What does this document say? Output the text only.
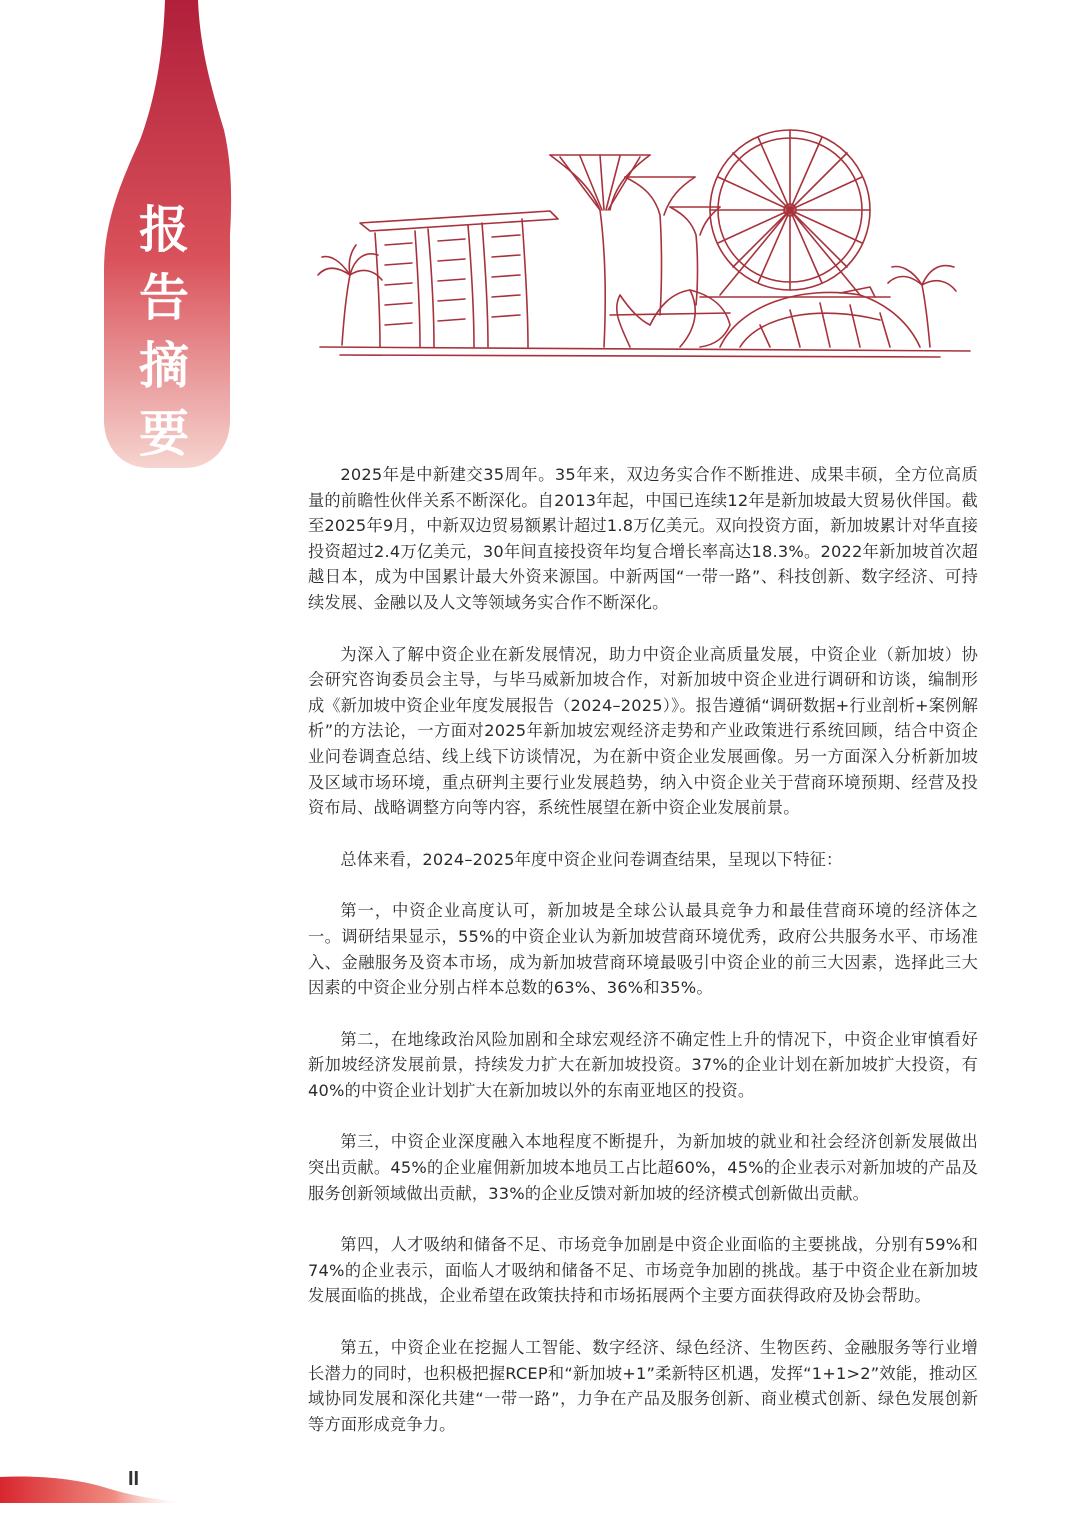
报告摘要

2025年是中新建交35周年。35年来，双边务实合作不断推进、成果丰硕，全方位高质量的前瞻性伙伴关系不断深化。自2013年起，中国已连续12年是新加坡最大贸易伙伴国。截至2025年9月，中新双边贸易额累计超过1.8万亿美元。双向投资方面，新加坡累计对华直接投资超过2.4万亿美元，30年间直接投资年均复合增长率高达18.3%。2022年新加坡首次超越日本，成为中国累计最大外资来源国。中新两国“一带一路”、科技创新、数字经济、可持续发展、金融以及人文等领域务实合作不断深化。

为深入了解中资企业在新发展情况，助力中资企业高质量发展，中资企业（新加坡）协会研究咨询委员会主导，与毕马威新加坡合作，对新加坡中资企业进行调研和访谈，编制形成《新加坡中资企业年度发展报告（2024–2025）》。报告遵循“调研数据+行业剖析+案例解析”的方法论，一方面对2025年新加坡宏观经济走势和产业政策进行系统回顾，结合中资企业问卷调查总结、线上线下访谈情况，为在新中资企业发展画像。另一方面深入分析新加坡及区域市场环境，重点研判主要行业发展趋势，纳入中资企业关于营商环境预期、经营及投资布局、战略调整方向等内容，系统性展望在新中资企业发展前景。

总体来看，2024–2025年度中资企业问卷调查结果，呈现以下特征：

第一，中资企业高度认可，新加坡是全球公认最具竞争力和最佳营商环境的经济体之一。调研结果显示，55%的中资企业认为新加坡营商环境优秀，政府公共服务水平、市场准入、金融服务及资本市场，成为新加坡营商环境最吸引中资企业的前三大因素，选择此三大因素的中资企业分别占样本总数的63%、36%和35%。

第二，在地缘政治风险加剧和全球宏观经济不确定性上升的情况下，中资企业审慎看好新加坡经济发展前景，持续发力扩大在新加坡投资。37%的企业计划在新加坡扩大投资，有40%的中资企业计划扩大在新加坡以外的东南亚地区的投资。

第三，中资企业深度融入本地程度不断提升，为新加坡的就业和社会经济创新发展做出突出贡献。45%的企业雇佣新加坡本地员工占比超60%，45%的企业表示对新加坡的产品及服务创新领域做出贡献，33%的企业反馈对新加坡的经济模式创新做出贡献。

第四，人才吸纳和储备不足、市场竞争加剧是中资企业面临的主要挑战，分别有59%和74%的企业表示，面临人才吸纳和储备不足、市场竞争加剧的挑战。基于中资企业在新加坡发展面临的挑战，企业希望在政策扶持和市场拓展两个主要方面获得政府及协会帮助。

第五，中资企业在挖掘人工智能、数字经济、绿色经济、生物医药、金融服务等行业增长潜力的同时，也积极把握RCEP和“新加坡+1”柔新特区机遇，发挥“1+1>2”效能，推动区域协同发展和深化共建“一带一路”，力争在产品及服务创新、商业模式创新、绿色发展创新等方面形成竞争力。

II
